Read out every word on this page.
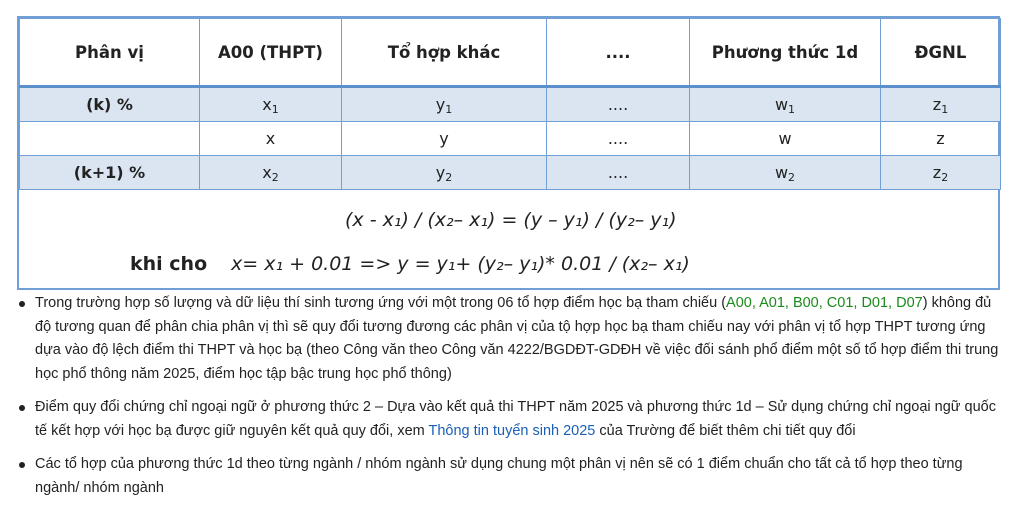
Phân vị	A00 (THPT)	Tổ hợp khác	....	Phương thức 1d	ĐGNL
(k) %	$x_1$	$y_1$	....	$w_1$	$z_1$
	x	y	....	w	z
(k+1) %	$x_2$	$y_2$	....	$w_2$	$z_2$
(x - x₁) / (x₂– x₁) = (y – y₁) / (y₂– y₁)
khi cho x= x₁ + 0.01 => y = y₁+ (y₂– y₁)* 0.01 / (x₂– x₁)
Trong trường hợp số lượng và dữ liệu thí sinh tương ứng với một trong 06 tổ hợp điểm học bạ tham chiếu (A00, A01, B00, C01, D01, D07) không đủ độ tương quan để phân chia phân vị thì sẽ quy đổi tương đương các phân vị của tộ hợp học bạ tham chiếu nay với phân vị tổ hợp THPT tương ứng dựa vào độ lệch điểm thi THPT và học bạ (theo Công văn theo Công văn 4222/BGDĐT-GDĐH về việc đối sánh phổ điểm một số tổ hợp điểm thi trung học phổ thông năm 2025, điểm học tập bậc trung học phổ thông)
Điểm quy đổi chứng chỉ ngoại ngữ ở phương thức 2 – Dựa vào kết quả thi THPT năm 2025 và phương thức 1d – Sử dụng chứng chỉ ngoại ngữ quốc tế kết hợp với học bạ được giữ nguyên kết quả quy đổi, xem Thông tin tuyển sinh 2025 của Trường để biết thêm chi tiết quy đổi
Các tổ hợp của phương thức 1d theo từng ngành / nhóm ngành sử dụng chung một phân vị nên sẽ có 1 điểm chuẩn cho tất cả tổ hợp theo từng ngành/ nhóm ngành
